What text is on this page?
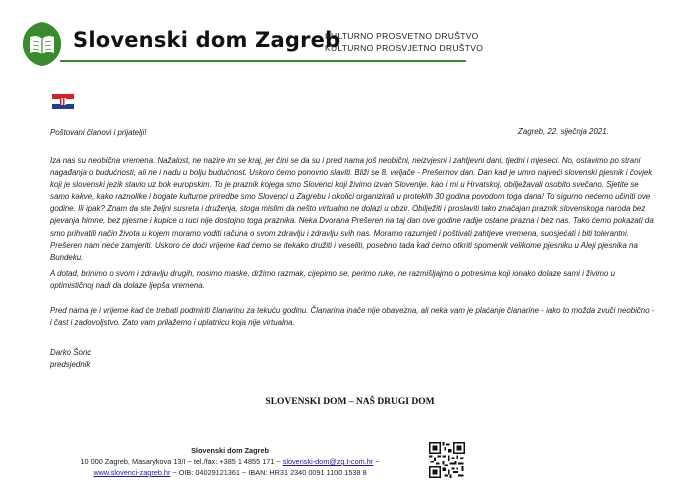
Slovenski dom Zagreb
KULTURNO PROSVETNO DRUŠTVO
KULTURNO PROSVJETNO DRUŠTVO
Poštovani članovi i prijatelji!	Zagreb, 22. siječnja 2021.
Iza nas su neobična vremena. Nažalost, ne nazire im se kraj, jer čini se da su i pred nama još neobični, neizvjesni i zahtjevni dani, tjedni i mjeseci. No, ostavimo po strani nagađanja o budućnosti, ali ne i nadu u bolju budućnost. Uskoro ćemo ponovno slaviti. Bliži se 8. veljače - Prešernov dan. Dan kad je umro najveći slovenski pjesnik i čovjek koji je slovenski jezik stavio uz bok europskim. To je praznik kojega smo Slovenci koji živimo izvan Slovenije, kao i mi u Hrvatskoj, obilježavali osobito svečano. Sjetite se samo kakve, kako raznolike i bogate kulturne priredbe smo Slovenci u Zagrebu i okolici organizirali u proteklih 30 godina povodom toga dana! To sigurno nećemo učiniti ove godine. Ili ipak? Znam da ste željni susreta i druženja, stoga mislim da nešto virtualno ne dolazi u obzir. Obilježiti i proslaviti tako značajan praznik slovenskoga naroda bez pjevanja himne, bez pjesme i kupice u ruci nije dostojno toga praznika. Neka Dvorana Prešeren na taj dan ove godine radije ostane prazna i bez nas. Tako ćemo pokazati da smo prihvatili način života u kojem moramo voditi računa o svom zdravlju i zdravlju svih nas. Moramo razumjeti i poštivati zahtjeve vremena, suosjećati i biti tolerantni. Prešeren nam neće zamjeriti. Uskoro će doći vrijeme kad ćemo se itekako družiti i veseliti, posebno tada kad ćemo otkriti spomenik velikome pjesniku u Aleji pjesnika na Bundeku.
A dotad, brinimo o svom i zdravlju drugih, nosimo maske, držimo razmak, cijepimo se, perimo ruke, ne razmišljajmo o potresima koji ionako dolaze sami i živimo u optimističnoj nadi da dolaze ljepša vremena.
Pred nama je i vrijeme kad će trebati podmiriti članarinu za tekuću godinu. Članarina inače nije obavezna, ali neka vam je plaćanje članarine - iako to možda zvuči neobično - i čast i zadovoljstvo. Zato vam prilažemo i uplatnicu koja nije virtualna.
Darko Šonc
predsjednik
SLOVENSKI DOM – NAŠ DRUGI DOM
Slovenski dom Zagreb
10 000 Zagreb, Masarykova 13/I ~ tel./fax: +385 1 4855 171 ~ slovenski-dom@zg.t-com.hr ~
www.slovenci-zagreb.hr ~ OIB: 04029121361 ~ IBAN: HR31 2340 0091 1100 1538 8
